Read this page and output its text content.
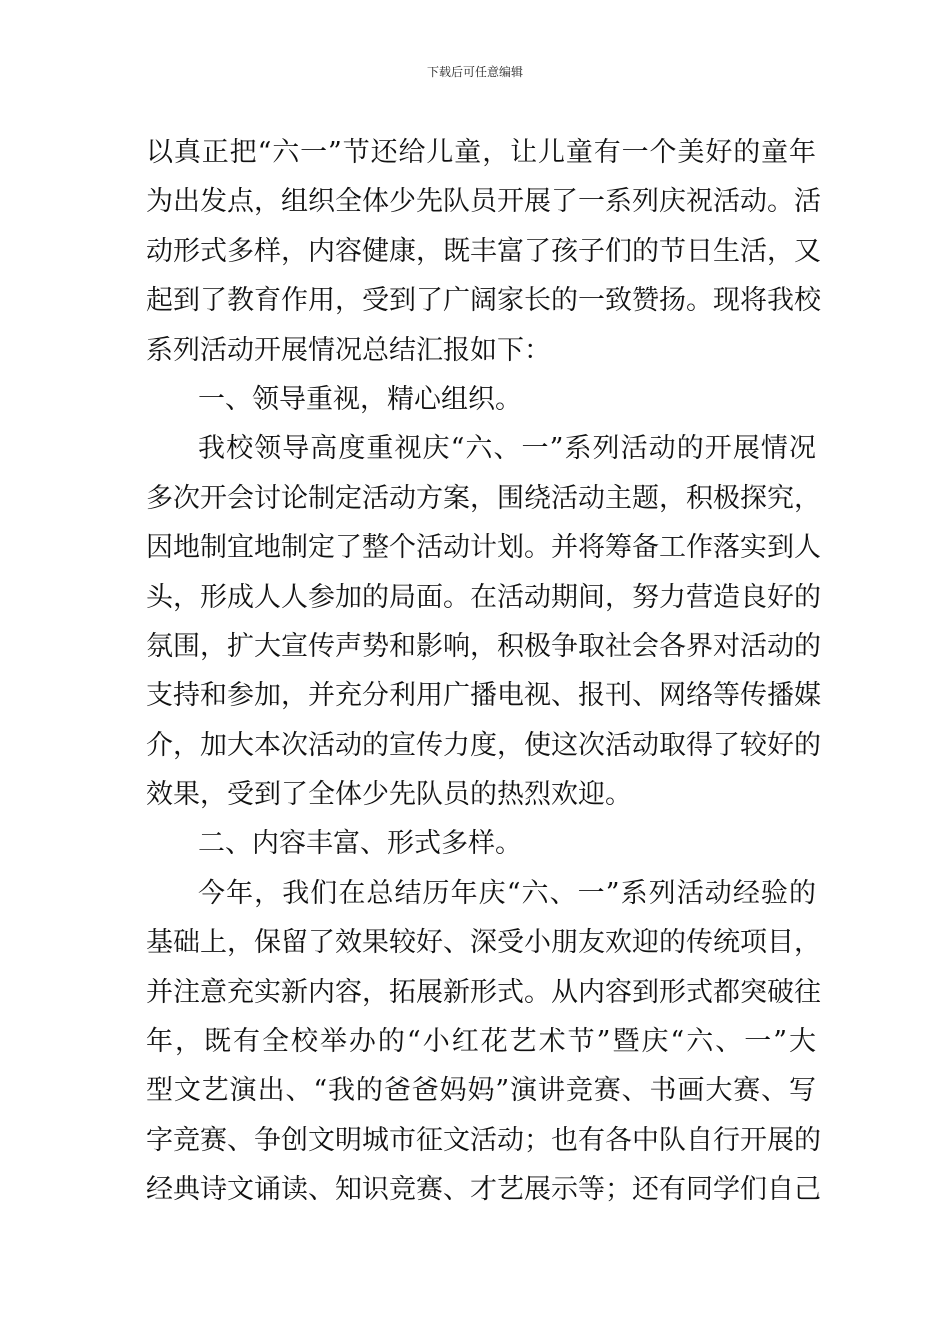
下载后可任意编辑
以真正把“六一”节还给儿童，让儿童有一个美好的童年
为出发点，组织全体少先队员开展了一系列庆祝活动。活
动形式多样，内容健康，既丰富了孩子们的节日生活，又
起到了教育作用，受到了广阔家长的一致赞扬。现将我校
系列活动开展情况总结汇报如下：
一、领导重视，精心组织。
我校领导高度重视庆“六、一”系列活动的开展情况
多次开会讨论制定活动方案，围绕活动主题，积极探究，
因地制宜地制定了整个活动计划。并将筹备工作落实到人
头，形成人人参加的局面。在活动期间，努力营造良好的
氛围，扩大宣传声势和影响，积极争取社会各界对活动的
支持和参加，并充分利用广播电视、报刊、网络等传播媒
介，加大本次活动的宣传力度，使这次活动取得了较好的
效果，受到了全体少先队员的热烈欢迎。
二、内容丰富、形式多样。
今年，我们在总结历年庆“六、一”系列活动经验的
基础上，保留了效果较好、深受小朋友欢迎的传统项目，
并注意充实新内容，拓展新形式。从内容到形式都突破往
年，既有全校举办的“小红花艺术节”暨庆“六、一”大
型文艺演出、“我的爸爸妈妈”演讲竞赛、书画大赛、写
字竞赛、争创文明城市征文活动；也有各中队自行开展的
经典诗文诵读、知识竞赛、才艺展示等；还有同学们自己
